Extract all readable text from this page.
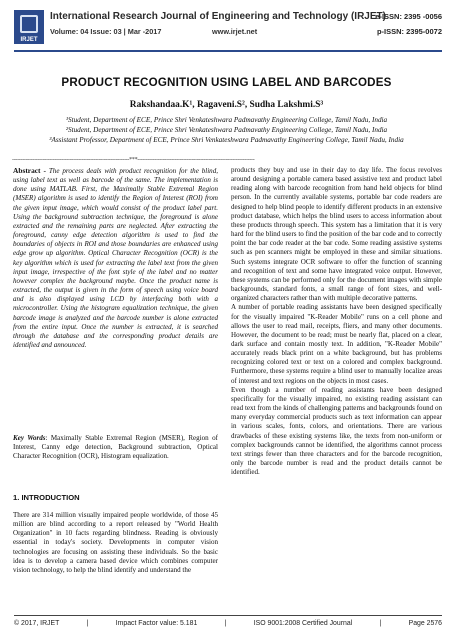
IRJET
International Research Journal of Engineering and Technology (IRJET)
Volume: 04 Issue: 03 | Mar -2017	www.irjet.net
e-ISSN: 2395 -0056
p-ISSN: 2395-0072
PRODUCT RECOGNITION USING LABEL AND BARCODES
Rakshandaa.K¹, Ragaveni.S², Sudha Lakshmi.S³
¹Student, Department of ECE, Prince Shri Venkateshwara Padmavathy Engineering College, Tamil Nadu, India
²Student, Department of ECE, Prince Shri Venkateshwara Padmavathy Engineering College, Tamil Nadu, India
³Assistant Professor, Department of ECE, Prince Shri Venkateshwara Padmavathy Engineering College, Tamil Nadu, India
---------------------------------------------------------------------***---------------------------------------------------------------------

Abstract - The process deals with product recognition for the blind, using label text as well as barcode of the same. The implementation is done using MATLAB. First, the Maximally Stable Extremal Region (MSER) algorithm is used to identify the Region of Interest (ROI) from the given input image, which would consist of the product label part. Using the background subtraction technique, the foreground is alone extracted and the remaining parts are neglected. After extracting the foreground, canny edge detection algorithm is used to find the boundaries of objects in ROI and those boundaries are enhanced using edge grow up algorithm. Optical Character Recognition (OCR) is the key algorithm which is used for extracting the label text from the given input image, irrespective of the font style of the label and no matter however complex the background maybe. Once the product name is extracted, the output is given in the form of speech using voice board and is also displayed using LCD by interfacing both with a microcontroller. Using the histogram equalization technique, the given barcode image is analyzed and the barcode number is alone extracted from the entire input. Once the number is extracted, it is searched through the database and the corresponding product details are identified and announced.

Key Words: Maximally Stable Extremal Region (MSER), Region of Interest, Canny edge detection, Background subtraction, Optical Character Recognition (OCR), Histogram equalization.
1. INTRODUCTION
There are 314 million visually impaired people worldwide, of those 45 million are blind according to a report released by "World Health Organization" in 10 facts regarding blindness. Reading is obviously essential in today's society. Developments in computer vision technologies are focusing on assisting these individuals. So the basic idea is to develop a camera based device which combines computer vision technology, to help the blind identify and understand the

products they buy and use in their day to day life. The focus revolves around designing a portable camera based assistive text and product label reading along with barcode recognition from hand held objects for blind person. In the currently available systems, portable bar code readers are designed to help blind people to identify different products in an extensive product database, which helps the blind users to access information about these products through speech. This system has a limitation that it is very hard for the blind users to find the position of the bar code and to correctly point the bar code reader at the bar code. Some reading assistive systems such as pen scanners might be employed in these and similar situations. Such systems integrate OCR software to offer the function of scanning and recognition of text and some have integrated voice output. However, these systems can be performed only for the document images with simple backgrounds, standard fonts, a small range of font sizes, and well-organized characters rather than with multiple decorative patterns.

A number of portable reading assistants have been designed specifically for the visually impaired "K-Reader Mobile" runs on a cell phone and allows the user to read mail, receipts, fliers, and many other documents. However, the document to be read; must be nearly flat, placed on a clear, dark surface and contain mostly text. In addition, "K-Reader Mobile" accurately reads black print on a white background, but has problems recognizing colored text or text on a colored and complex background. Furthermore, these systems require a blind user to manually localize areas of interest and text regions on the objects in most cases.

Even though a number of reading assistants have been designed specifically for the visually impaired, no existing reading assistant can read text from the kinds of challenging patterns and backgrounds found on many everyday commercial products such as text information can appear in various scales, fonts, colors, and orientations. There are various drawbacks of these existing systems like, the texts from non-uniform or complex backgrounds cannot be identified, the algorithms cannot process text strings fewer than three characters and for the barcode recognition, only the barcode number is read and the product details cannot be identified.

© 2017, IRJET	|	Impact Factor value: 5.181	|	ISO 9001:2008 Certified Journal	|	Page 2576
